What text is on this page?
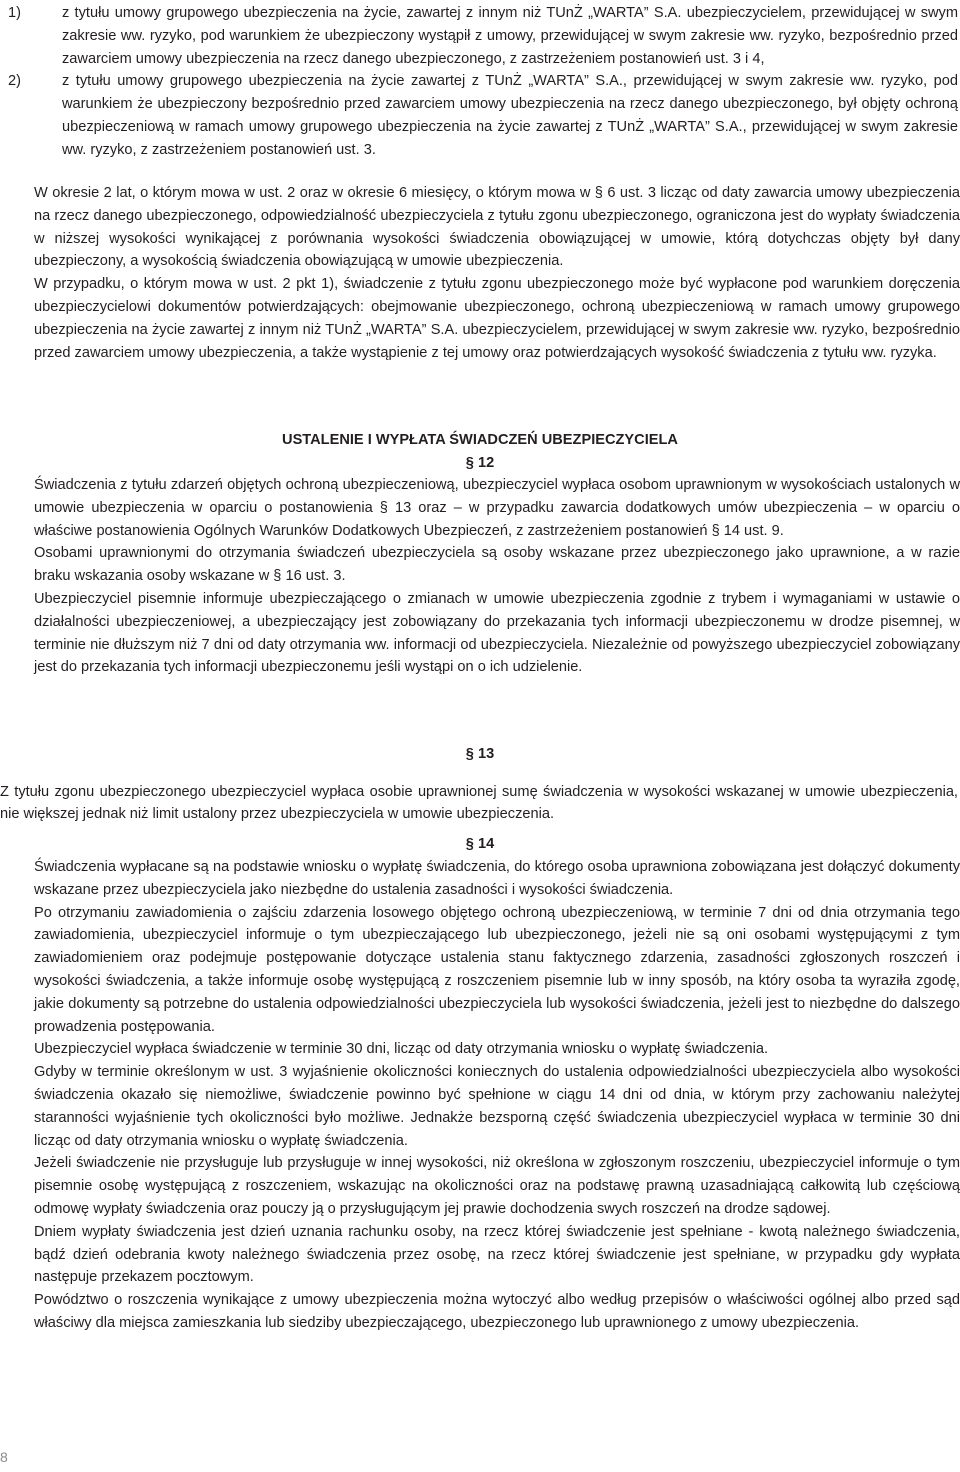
1)	z tytułu umowy grupowego ubezpieczenia na życie, zawartej z innym niż TUnŻ „WARTA” S.A. ubezpieczycielem, przewidującej w swym zakresie ww. ryzyko, pod warunkiem że ubezpieczony wystąpił z umowy, przewidującej w swym zakresie ww. ryzyko, bezpośrednio przed zawarciem umowy ubezpieczenia na rzecz danego ubezpieczonego, z zastrzeżeniem postanowień ust. 3 i 4,

2)	z tytułu umowy grupowego ubezpieczenia na życie zawartej z TUnŻ „WARTA” S.A., przewidującej w swym zakresie ww. ryzyko, pod warunkiem że ubezpieczony bezpośrednio przed zawarciem umowy ubezpieczenia na rzecz danego ubezpieczonego, był objęty ochroną ubezpieczeniową w ramach umowy grupowego ubezpieczenia na życie zawartej z TUnŻ „WARTA” S.A., przewidującej w swym zakresie ww. ryzyko, z zastrzeżeniem postanowień ust. 3.

W okresie 2 lat, o którym mowa w ust. 2 oraz w okresie 6 miesięcy, o którym mowa w § 6 ust. 3 licząc od daty zawarcia umowy ubezpieczenia na rzecz danego ubezpieczonego, odpowiedzialność ubezpieczyciela z tytułu zgonu ubezpieczonego, ograniczona jest do wypłaty świadczenia w niższej wysokości wynikającej z porównania wysokości świadczenia obowiązującej w umowie, którą dotychczas objęty był dany ubezpieczony, a wysokością świadczenia obowiązującą w umowie ubezpieczenia.

W przypadku, o którym mowa w ust. 2 pkt 1), świadczenie z tytułu zgonu ubezpieczonego może być wypłacone pod warunkiem doręczenia ubezpieczycielowi dokumentów potwierdzających: obejmowanie ubezpieczonego, ochroną ubezpieczeniową w ramach umowy grupowego ubezpieczenia na życie zawartej z innym niż TUnŻ „WARTA” S.A. ubezpieczycielem, przewidującej w swym zakresie ww. ryzyko, bezpośrednio przed zawarciem umowy ubezpieczenia, a także wystąpienie z tej umowy oraz potwierdzających wysokość świadczenia z tytułu ww. ryzyka.

USTALENIE I WYPŁATA ŚWIADCZEŃ UBEZPIECZYCIELA
§ 12

Świadczenia z tytułu zdarzeń objętych ochroną ubezpieczeniową, ubezpieczyciel wypłaca osobom uprawnionym w wysokościach ustalonych w umowie ubezpieczenia w oparciu o postanowienia § 13 oraz – w przypadku zawarcia dodatkowych umów ubezpieczenia – w oparciu o właściwe postanowienia Ogólnych Warunków Dodatkowych Ubezpieczeń, z zastrzeżeniem postanowień § 14 ust. 9.

Osobami uprawnionymi do otrzymania świadczeń ubezpieczyciela są osoby wskazane przez ubezpieczonego jako uprawnione, a w razie braku wskazania osoby wskazane w § 16 ust. 3.

Ubezpieczyciel pisemnie informuje ubezpieczającego o zmianach w umowie ubezpieczenia zgodnie z trybem i wymaganiami w ustawie o działalności ubezpieczeniowej, a ubezpieczający jest zobowiązany do przekazania tych informacji ubezpieczonemu w drodze pisemnej, w terminie nie dłuższym niż 7 dni od daty otrzymania ww. informacji od ubezpieczyciela. Niezależnie od powyższego ubezpieczyciel zobowiązany jest do przekazania tych informacji ubezpieczonemu jeśli wystąpi on o ich udzielenie.

§ 13

Z tytułu zgonu ubezpieczonego ubezpieczyciel wypłaca osobie uprawnionej sumę świadczenia w wysokości wskazanej w umowie ubezpieczenia, nie większej jednak niż limit ustalony przez ubezpieczyciela w umowie ubezpieczenia.

§ 14

Świadczenia wypłacane są na podstawie wniosku o wypłatę świadczenia, do którego osoba uprawniona zobowiązana jest dołączyć dokumenty wskazane przez ubezpieczyciela jako niezbędne do ustalenia zasadności i wysokości świadczenia.

Po otrzymaniu zawiadomienia o zajściu zdarzenia losowego objętego ochroną ubezpieczeniową, w terminie 7 dni od dnia otrzymania tego zawiadomienia, ubezpieczyciel informuje o tym ubezpieczającego lub ubezpieczonego, jeżeli nie są oni osobami występującymi z tym zawiadomieniem oraz podejmuje postępowanie dotyczące ustalenia stanu faktycznego zdarzenia, zasadności zgłoszonych roszczeń i wysokości świadczenia, a także informuje osobę występującą z roszczeniem pisemnie lub w inny sposób, na który osoba ta wyraziła zgodę, jakie dokumenty są potrzebne do ustalenia odpowiedzialności ubezpieczyciela lub wysokości świadczenia, jeżeli jest to niezbędne do dalszego prowadzenia postępowania.

Ubezpieczyciel wypłaca świadczenie w terminie 30 dni, licząc od daty otrzymania wniosku o wypłatę świadczenia.

Gdyby w terminie określonym w ust. 3 wyjaśnienie okoliczności koniecznych do ustalenia odpowiedzialności ubezpieczyciela albo wysokości świadczenia okazało się niemożliwe, świadczenie powinno być spełnione w ciągu 14 dni od dnia, w którym przy zachowaniu należytej staranności wyjaśnienie tych okoliczności było możliwe. Jednakże bezsporną część świadczenia ubezpieczyciel wypłaca w terminie 30 dni licząc od daty otrzymania wniosku o wypłatę świadczenia.

Jeżeli świadczenie nie przysługuje lub przysługuje w innej wysokości, niż określona w zgłoszonym roszczeniu, ubezpieczyciel informuje o tym pisemnie osobę występującą z roszczeniem, wskazując na okoliczności oraz na podstawę prawną uzasadniającą całkowitą lub częściową odmowę wypłaty świadczenia oraz pouczy ją o przysługującym jej prawie dochodzenia swych roszczeń na drodze sądowej.

Dniem wypłaty świadczenia jest dzień uznania rachunku osoby, na rzecz której świadczenie jest spełniane - kwotą należnego świadczenia, bądź dzień odebrania kwoty należnego świadczenia przez osobę, na rzecz której świadczenie jest spełniane, w przypadku gdy wypłata następuje przekazem pocztowym.

Powództwo o roszczenia wynikające z umowy ubezpieczenia można wytoczyć albo według przepisów o właściwości ogólnej albo przed sąd właściwy dla miejsca zamieszkania lub siedziby ubezpieczającego, ubezpieczonego lub uprawnionego z umowy ubezpieczenia.

8
